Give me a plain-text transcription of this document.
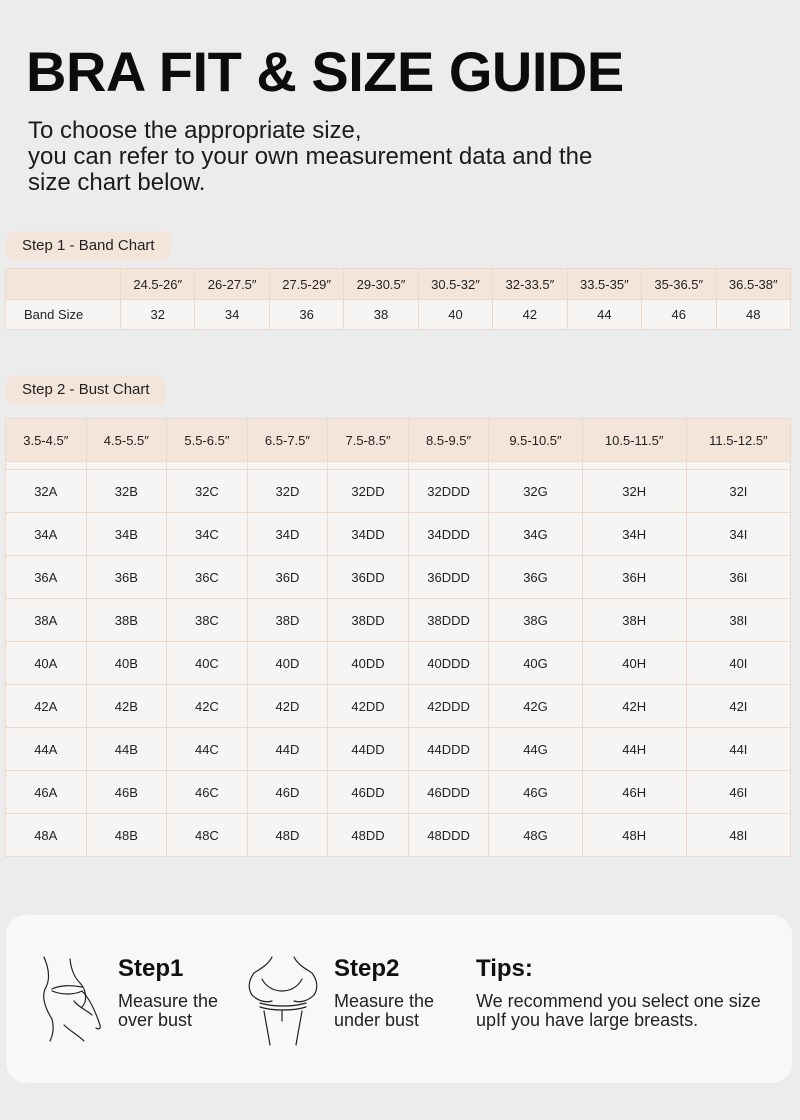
BRA FIT & SIZE GUIDE
To choose the appropriate size,
you can refer to your own measurement data and the
size chart below.
Step 1 - Band Chart
	24.5-26″	26-27.5″	27.5-29″	29-30.5″	30.5-32″	32-33.5″	33.5-35″	35-36.5″	36.5-38″
Band Size	32	34	36	38	40	42	44	46	48
Step 2 - Bust Chart
3.5-4.5″	4.5-5.5″	5.5-6.5″	6.5-7.5″	7.5-8.5″	8.5-9.5″	9.5-10.5″	10.5-11.5″	11.5-12.5″

32A	32B	32C	32D	32DD	32DDD	32G	32H	32I
34A	34B	34C	34D	34DD	34DDD	34G	34H	34I
36A	36B	36C	36D	36DD	36DDD	36G	36H	36I
38A	38B	38C	38D	38DD	38DDD	38G	38H	38I
40A	40B	40C	40D	40DD	40DDD	40G	40H	40I
42A	42B	42C	42D	42DD	42DDD	42G	42H	42I
44A	44B	44C	44D	44DD	44DDD	44G	44H	44I
46A	46B	46C	46D	46DD	46DDD	46G	46H	46I
48A	48B	48C	48D	48DD	48DDD	48G	48H	48I
Step1
Measure the
over bust
Step2
Measure the
under bust
Tips:
We recommend you select one size
upIf you have large breasts.
